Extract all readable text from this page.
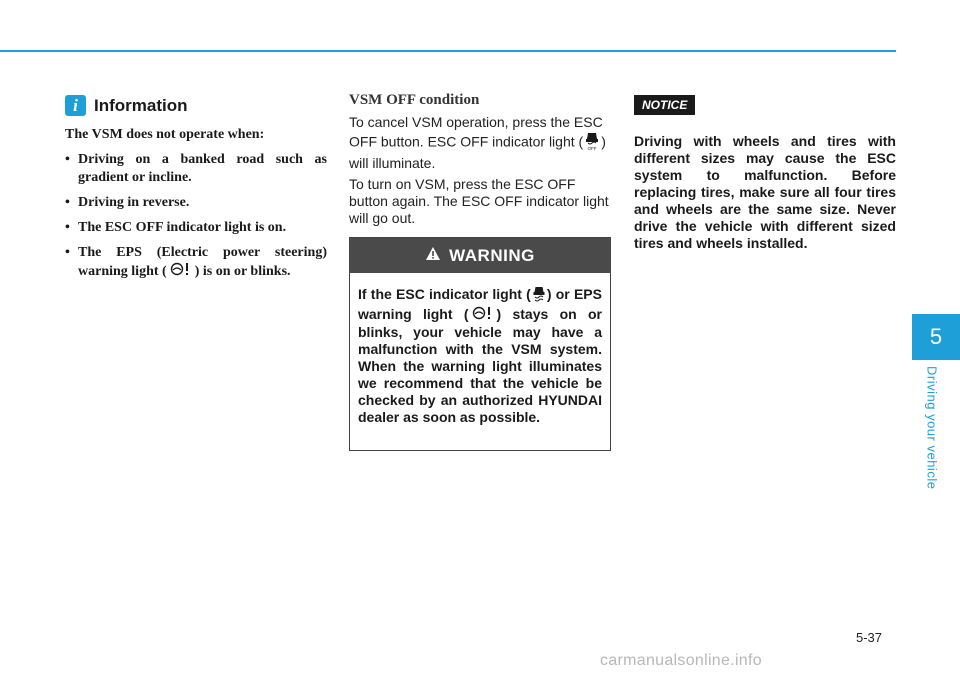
i Information

The VSM does not operate when:

• Driving on a banked road such as gradient or incline.
• Driving in reverse.
• The ESC OFF indicator light is on.
• The EPS (Electric power steering) warning light ( ) is on or blinks.
VSM OFF condition

To cancel VSM operation, press the ESC OFF button. ESC OFF indicator light ( OFF ) will illuminate.

To turn on VSM, press the ESC OFF button again. The ESC OFF indicator light will go out.

WARNING
If the ESC indicator light ( ) or EPS warning light ( ) stays on or blinks, your vehicle may have a malfunction with the VSM system. When the warning light illuminates we recommend that the vehicle be checked by an authorized HYUNDAI dealer as soon as possible.
NOTICE

Driving with wheels and tires with different sizes may cause the ESC system to malfunction. Before replacing tires, make sure all four tires and wheels are the same size. Never drive the vehicle with different sized tires and wheels installed.

5
Driving your vehicle
5-37
carmanualsonline.info
